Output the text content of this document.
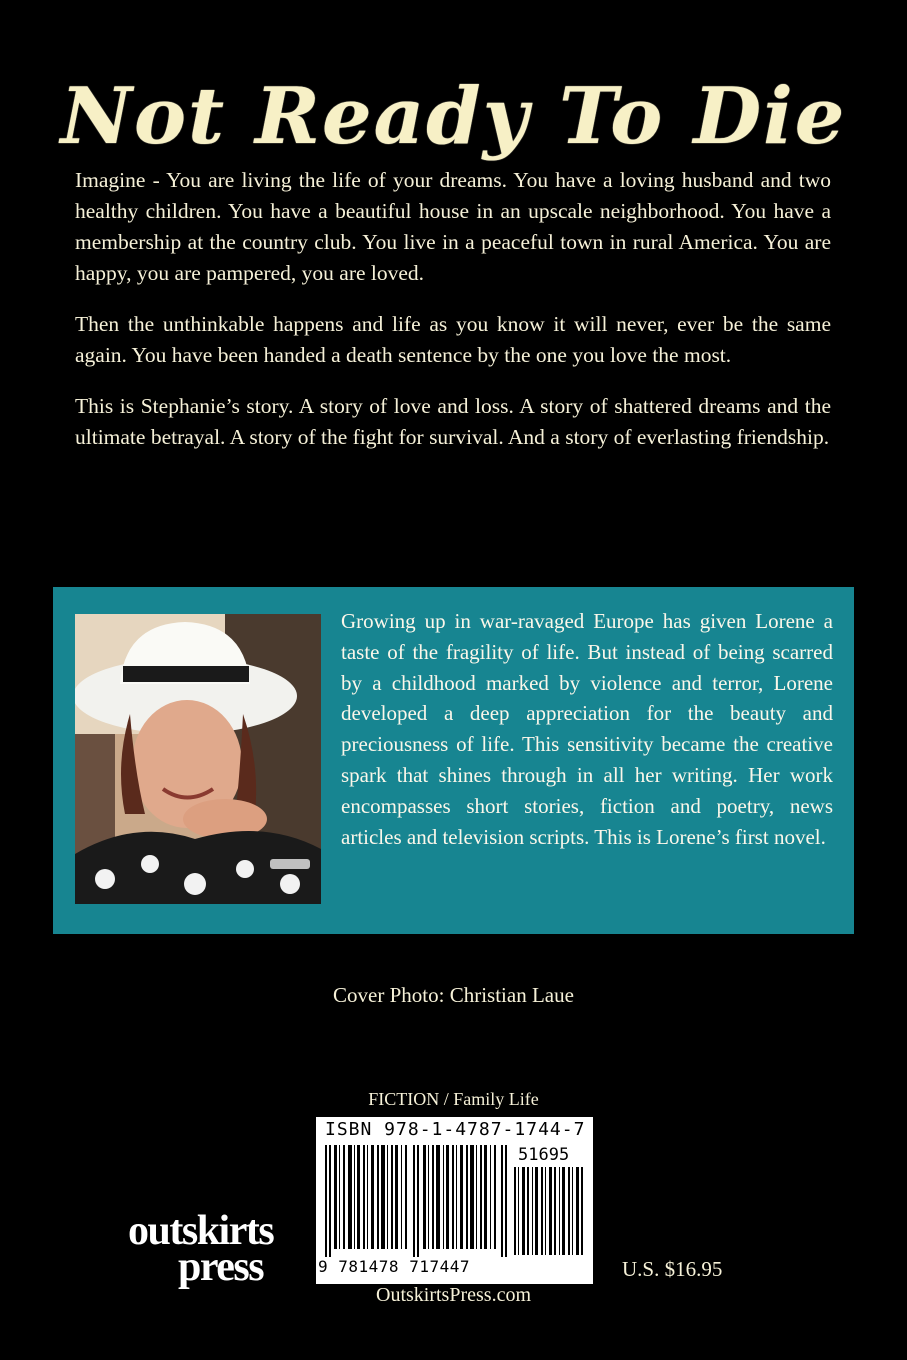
Not Ready To Die

Imagine - You are living the life of your dreams. You have a loving husband and two healthy children. You have a beautiful house in an upscale neighborhood. You have a membership at the country club. You live in a peaceful town in rural America. You are happy, you are pampered, you are loved.

Then the unthinkable happens and life as you know it will never, ever be the same again. You have been handed a death sentence by the one you love the most.

This is Stephanie’s story. A story of love and loss. A story of shattered dreams and the ultimate betrayal. A story of the fight for survival. And a story of everlasting friendship.

Growing up in war-ravaged Europe has given Lorene a taste of the fragility of life. But instead of being scarred by a childhood marked by violence and terror, Lorene developed a deep appreciation for the beauty and preciousness of life. This sensitivity became the creative spark that shines through in all her writing. Her work encompasses short stories, fiction and poetry, news articles and television scripts. This is Lorene’s first novel.

Cover Photo: Christian Laue
FICTION / Family Life
ISBN 978-1-4787-1744-7
51695
9 781478 717447
outskirts
press	U.S. $16.95
OutskirtsPress.com
